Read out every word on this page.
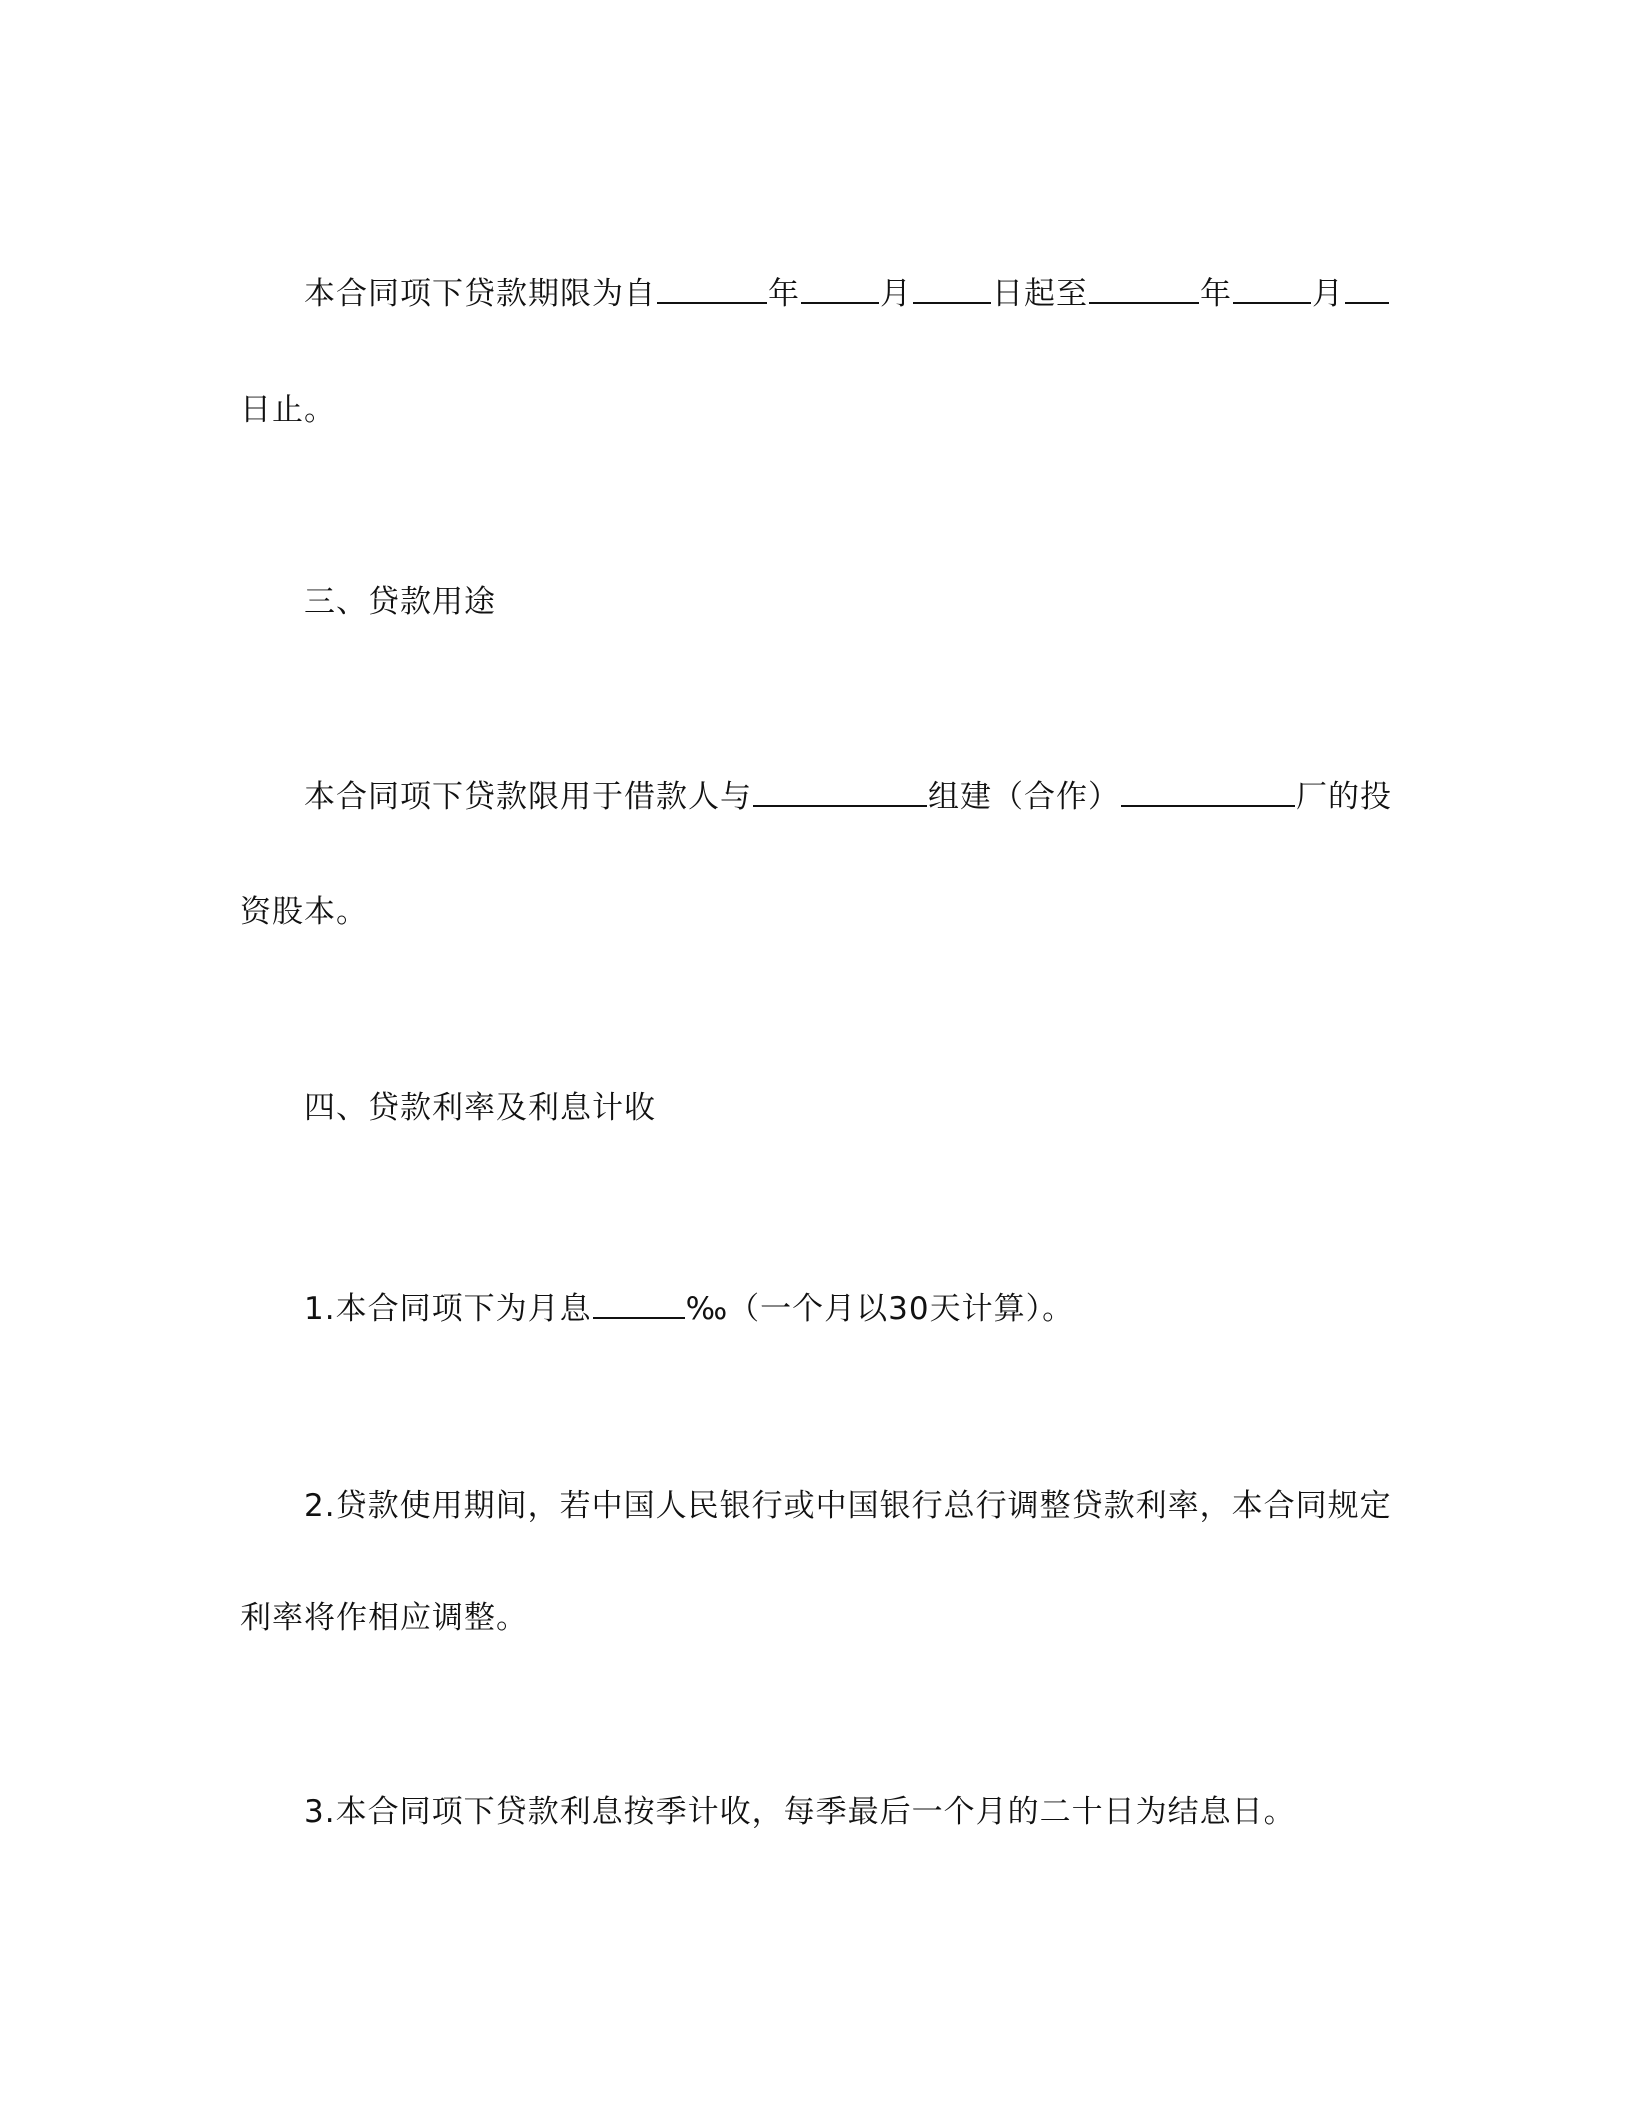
本合同项下贷款期限为自	年	月	日起至	年	月
日止。
三、贷款用途
本合同项下贷款限用于借款人与	组建（合作）	厂的投
资股本。
四、贷款利率及利息计收
1.本合同项下为月息	‰（一个月以30天计算）。
2.贷款使用期间，若中国人民银行或中国银行总行调整贷款利率，本合同规定
利率将作相应调整。
3.本合同项下贷款利息按季计收，每季最后一个月的二十日为结息日。
